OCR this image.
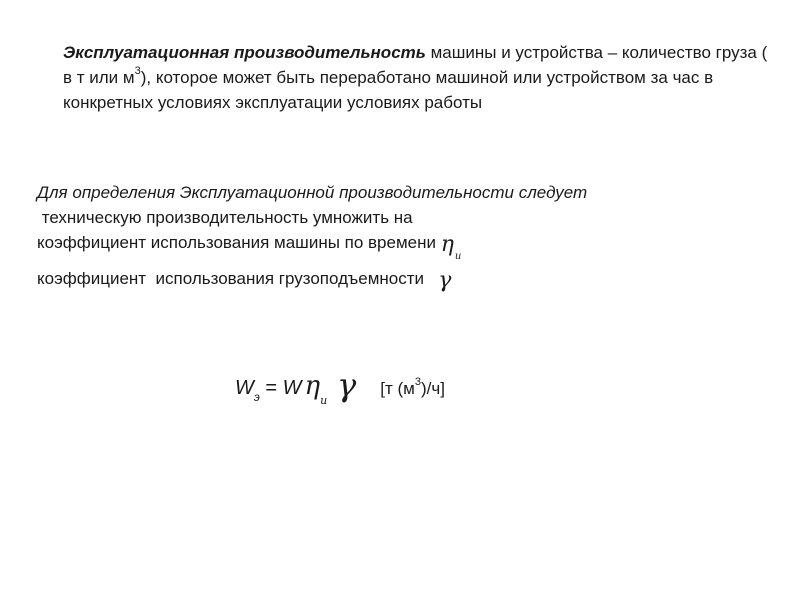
Эксплуатационная производительность машины и устройства – количество груза ( в т или $м^3$), которое может быть переработано машиной или устройством за час в конкретных условиях эксплуатации условиях работы
Для определения Эксплуатационной производительности следует
техническую производительность умножить на
коэффициент использования машины по времени $\eta_и$
коэффициент  использования грузоподъемности γ
$W_э = W$ $\eta_и$ γ [т $(м^3)/ч$]
